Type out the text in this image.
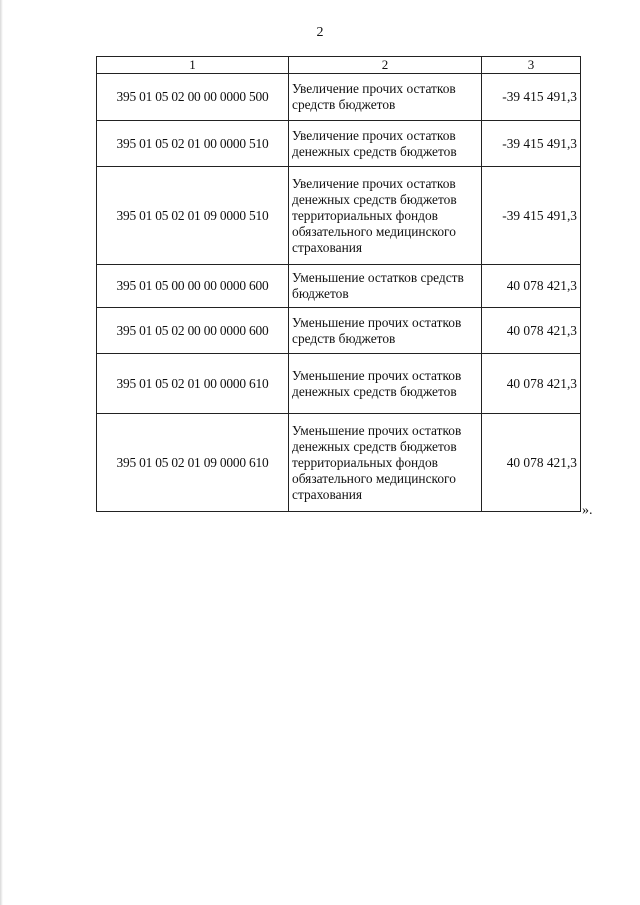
2
1	2	3
395 01 05 02 00 00 0000 500	Увеличение прочих остатков средств бюджетов	-39 415 491,3
395 01 05 02 01 00 0000 510	Увеличение прочих остатков денежных средств бюджетов	-39 415 491,3
395 01 05 02 01 09 0000 510	Увеличение прочих остатков денежных средств бюджетов территориальных фондов обязательного медицинского страхования	-39 415 491,3
395 01 05 00 00 00 0000 600	Уменьшение остатков средств бюджетов	40 078 421,3
395 01 05 02 00 00 0000 600	Уменьшение прочих остатков средств бюджетов	40 078 421,3
395 01 05 02 01 00 0000 610	Уменьшение прочих остатков денежных средств бюджетов	40 078 421,3
395 01 05 02 01 09 0000 610	Уменьшение прочих остатков денежных средств бюджетов территориальных фондов обязательного медицинского страхования	40 078 421,3
».
